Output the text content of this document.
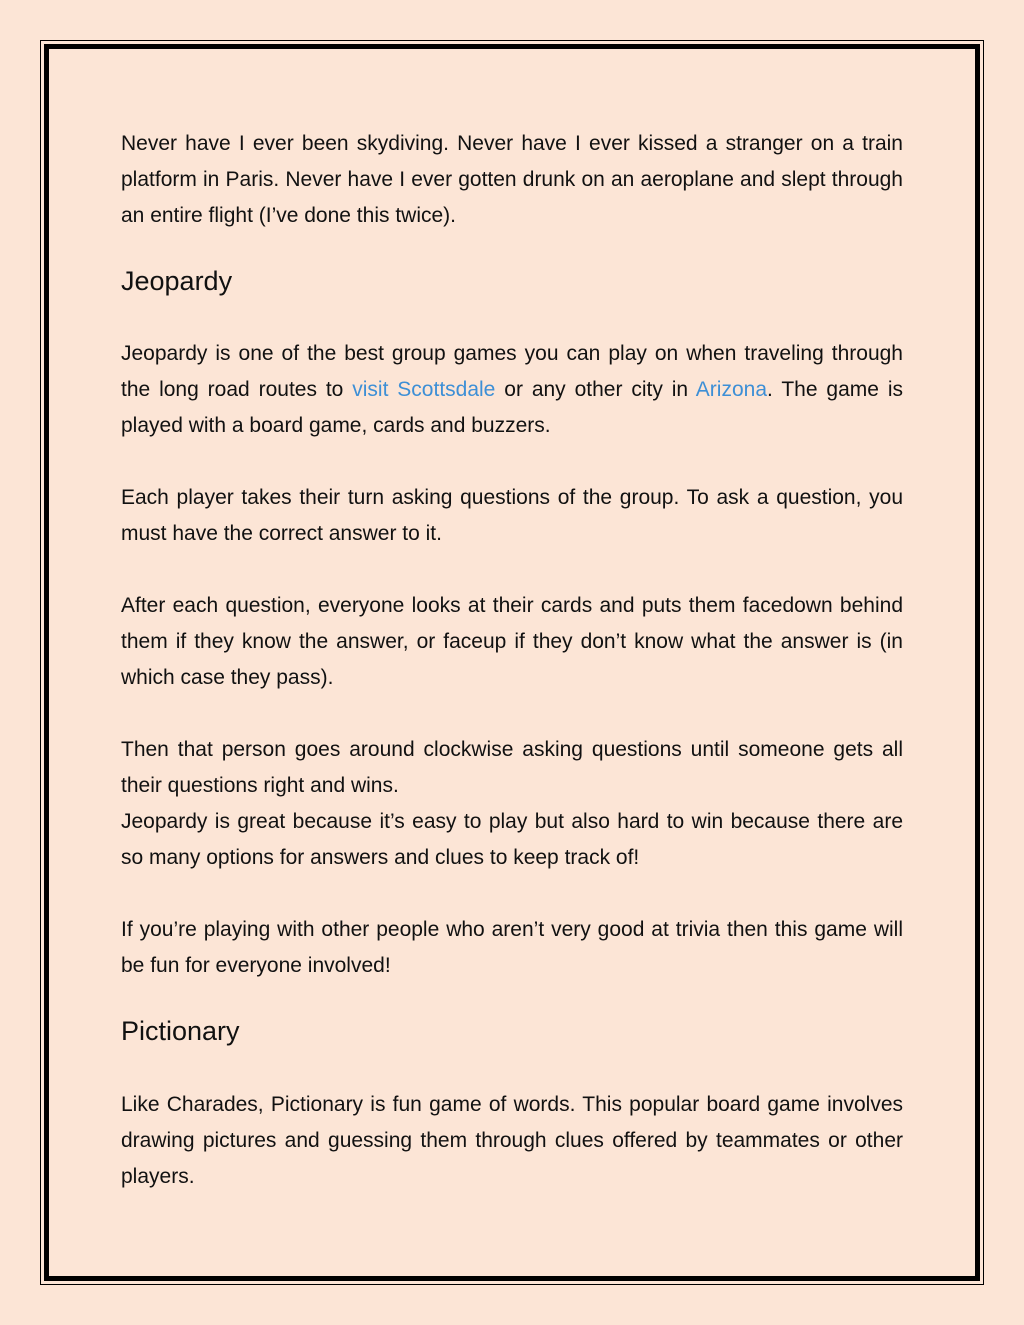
Never have I ever been skydiving. Never have I ever kissed a stranger on a train platform in Paris. Never have I ever gotten drunk on an aeroplane and slept through an entire flight (I’ve done this twice).

Jeopardy

Jeopardy is one of the best group games you can play on when traveling through the long road routes to visit Scottsdale or any other city in Arizona. The game is played with a board game, cards and buzzers.

Each player takes their turn asking questions of the group. To ask a question, you must have the correct answer to it.

After each question, everyone looks at their cards and puts them facedown behind them if they know the answer, or faceup if they don’t know what the answer is (in which case they pass).

Then that person goes around clockwise asking questions until someone gets all their questions right and wins.

Jeopardy is great because it’s easy to play but also hard to win because there are so many options for answers and clues to keep track of!

If you’re playing with other people who aren’t very good at trivia then this game will be fun for everyone involved!

Pictionary

Like Charades, Pictionary is fun game of words. This popular board game involves drawing pictures and guessing them through clues offered by teammates or other players.
